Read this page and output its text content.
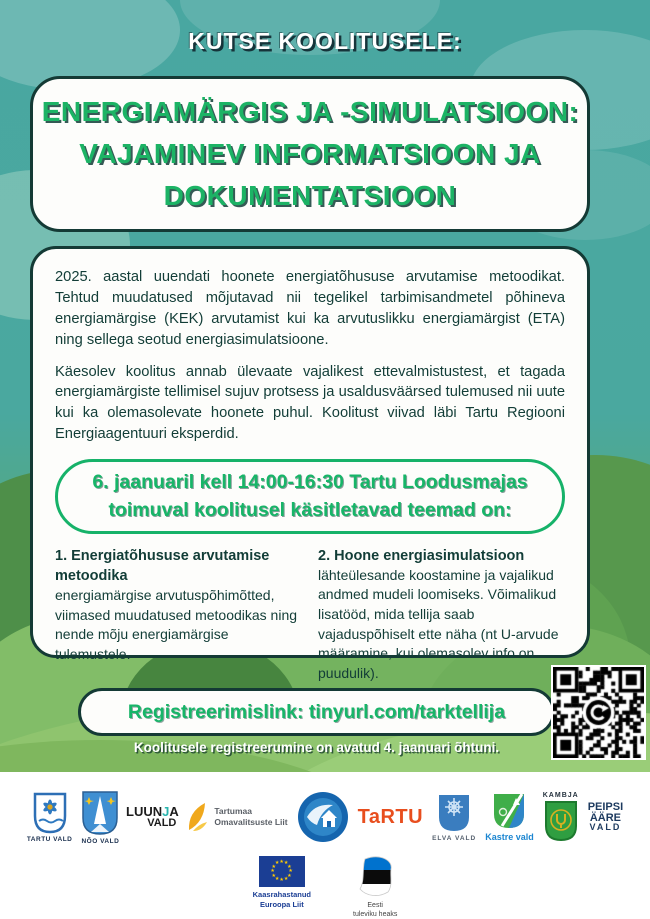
KUTSE KOOLITUSELE:
ENERGIAMÄRGIS JA -SIMULATSIOON:
VAJAMINEV INFORMATSIOON JA
DOKUMENTATSIOON

2025. aastal uuendati hoonete energiatõhususe arvutamise metoodikat. Tehtud muudatused mõjutavad nii tegelikel tarbimisandmetel põhineva energiamärgise (KEK) arvutamist kui ka arvutuslikku energiamärgist (ETA) ning sellega seotud energiasimulatsioone.

Käesolev koolitus annab ülevaate vajalikest ettevalmistustest, et tagada energiamärgiste tellimisel sujuv protsess ja usaldusväärsed tulemused nii uute kui ka olemasolevate hoonete puhul. Koolitust viivad läbi Tartu Regiooni Energiaagentuuri eksperdid.

6. jaanuaril kell 14:00-16:30 Tartu Loodusmajas
toimuval koolitusel käsitletavad teemad on:
1. Energiatõhususe arvutamise metoodika
energiamärgise arvutuspõhimõtted, viimased muudatused metoodikas ning nende mõju energiamärgise tulemustele.
2. Hoone energiasimulatsioon
lähteülesande koostamine ja vajalikud andmed mudeli loomiseks. Võimalikud lisatööd, mida tellija saab vajaduspõhiselt ette näha (nt U-arvude määramine, kui olemasolev info on puudulik).
Registreerimislink: tinyurl.com/tarktellija
Koolitusele registreerumine on avatud 4. jaanuari õhtuni.
TARTU VALD NÕO VALD
LUUNJA
VALD
Tartumaa
Omavalitsuste Liit	TaRTU
ELVA VALD Kastre vald
KAMBJA
PEIPSI
ÄÄRE
VALD
★
★
★
★
★
★
★
★
★ ★ ★
★
Kaasrahastanud
Euroopa Liit	Eesti
tuleviku heaks
